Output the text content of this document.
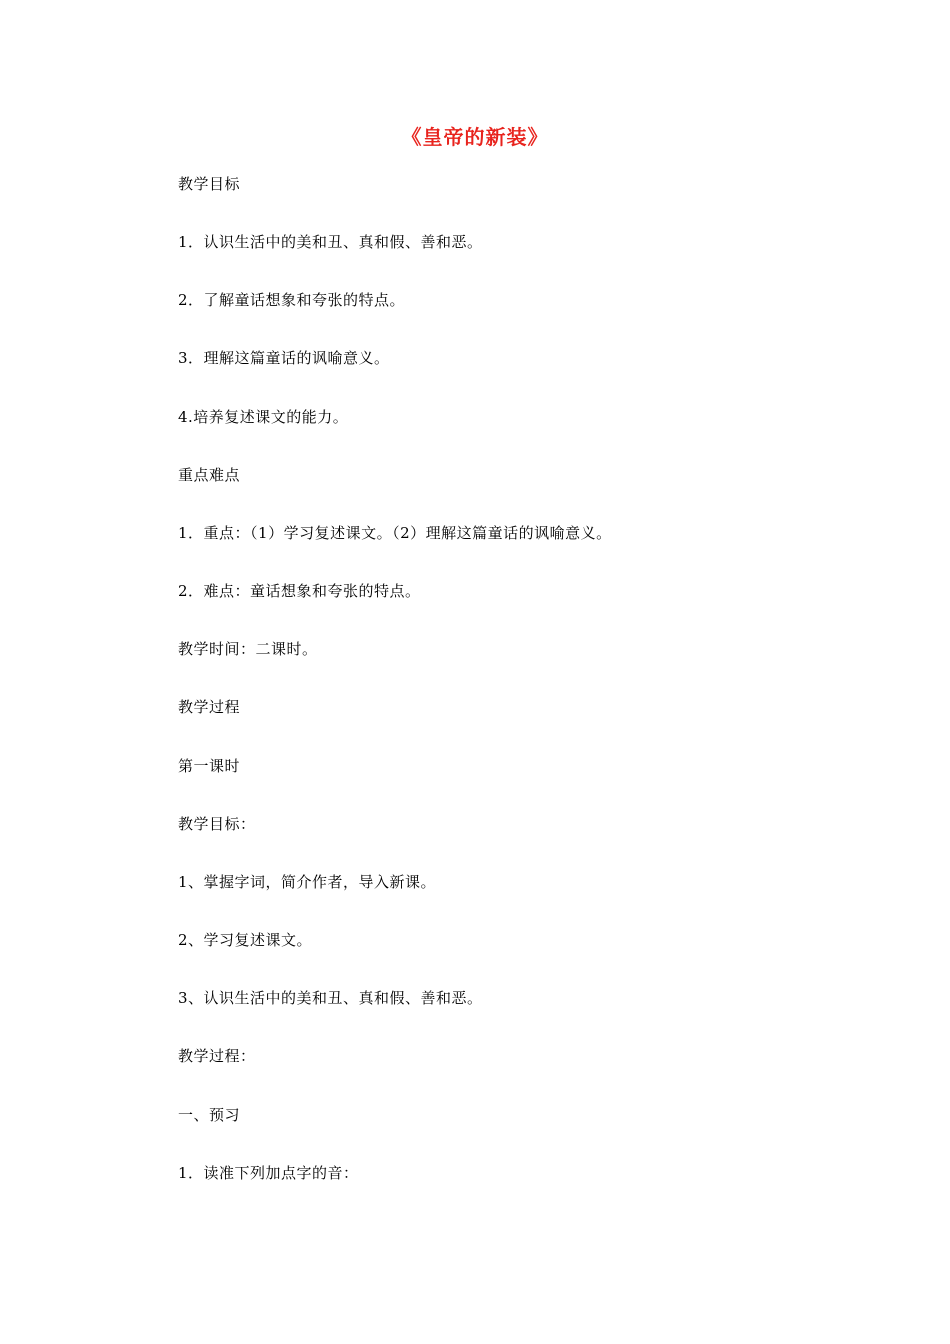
《皇帝的新装》
教学目标
1．认识生活中的美和丑、真和假、善和恶。
2．了解童话想象和夸张的特点。
3．理解这篇童话的讽喻意义。
4.培养复述课文的能力。
重点难点
1．重点：（1）学习复述课文。（2）理解这篇童话的讽喻意义。
2．难点：童话想象和夸张的特点。
教学时间：二课时。
教学过程
第一课时
教学目标：
1、掌握字词，简介作者，导入新课。
2、学习复述课文。
3、认识生活中的美和丑、真和假、善和恶。
教学过程：
一、预习
1．读准下列加点字的音：
